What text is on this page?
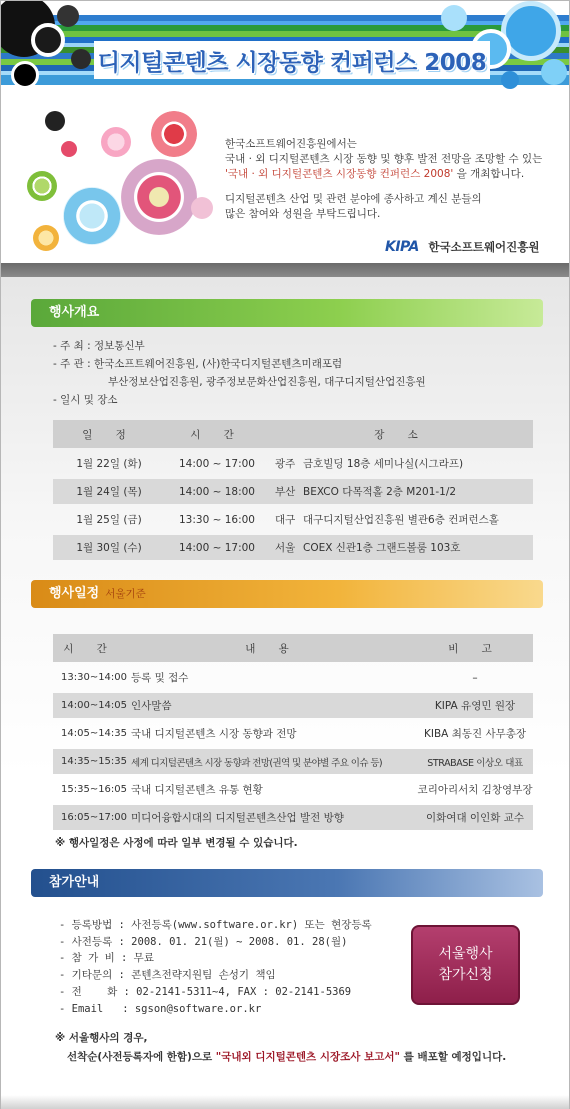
디지털콘텐츠 시장동향 컨퍼런스 2008

한국소프트웨어진흥원에서는
국내 · 외 디지털콘텐츠 시장 동향 및 향후 발전 전망을 조망할 수 있는
'국내 · 외 디지털콘텐츠 시장동향 컨퍼런스 2008' 을 개최합니다.

디지털콘텐츠 산업 및 관련 분야에 종사하고 계신 분들의
많은 참여와 성원을 부탁드립니다.

KIPA 한국소프트웨어진흥원
행사개요
- 주 최 : 정보통신부
- 주 관 : 한국소프트웨어진흥원, (사)한국디지털콘텐츠미래포럼
부산정보산업진흥원, 광주정보문화산업진흥원, 대구디지털산업진흥원
- 일시 및 장소
일 정	시 간	장 소	
1월 22일 (화)	14:00 ~ 17:00	광주	금호빌딩 18층 세미나실(시그라프)
1월 24일 (목)	14:00 ~ 18:00	부산	BEXCO 다목적홀 2층 M201-1/2
1월 25일 (금)	13:30 ~ 16:00	대구	대구디지털산업진흥원 별관6층 컨퍼런스홀
1월 30일 (수)	14:00 ~ 17:00	서울	COEX 신관1층 그랜드볼룸 103호
행사일정 서울기준
시 간	내 용	비 고
13:30~14:00	등록 및 접수	–
14:00~14:05	인사말씀	KIPA 유영민 원장
14:05~14:35	국내 디지털콘텐츠 시장 동향과 전망	KIBA 최동진 사무총장
14:35~15:35	세계 디지털콘텐츠 시장 동향과 전망(권역 및 분야별 주요 이슈 등)	STRABASE 이상오 대표
15:35~16:05	국내 디지털콘텐츠 유통 현황	코리아리서치 김창영부장
16:05~17:00	미디어융합시대의 디지털콘텐츠산업 발전 방향	이화여대 이인화 교수
※ 행사일정은 사정에 따라 일부 변경될 수 있습니다.
참가안내
- 등록방법 : 사전등록(www.software.or.kr) 또는 현장등록
- 사전등록 : 2008. 01. 21(월) ~ 2008. 01. 28(월)
- 참 가 비 : 무료
- 기타문의 : 콘텐츠전략지원팀 손성기 책임
- 전    화 : 02-2141-5311~4, FAX : 02-2141-5369
- Email   : sgson@software.or.kr
서울행사
참가신청
※ 서울행사의 경우,
선착순(사전등록자에 한함)으로 "국내외 디지털콘텐츠 시장조사 보고서" 를 배포할 예정입니다.
